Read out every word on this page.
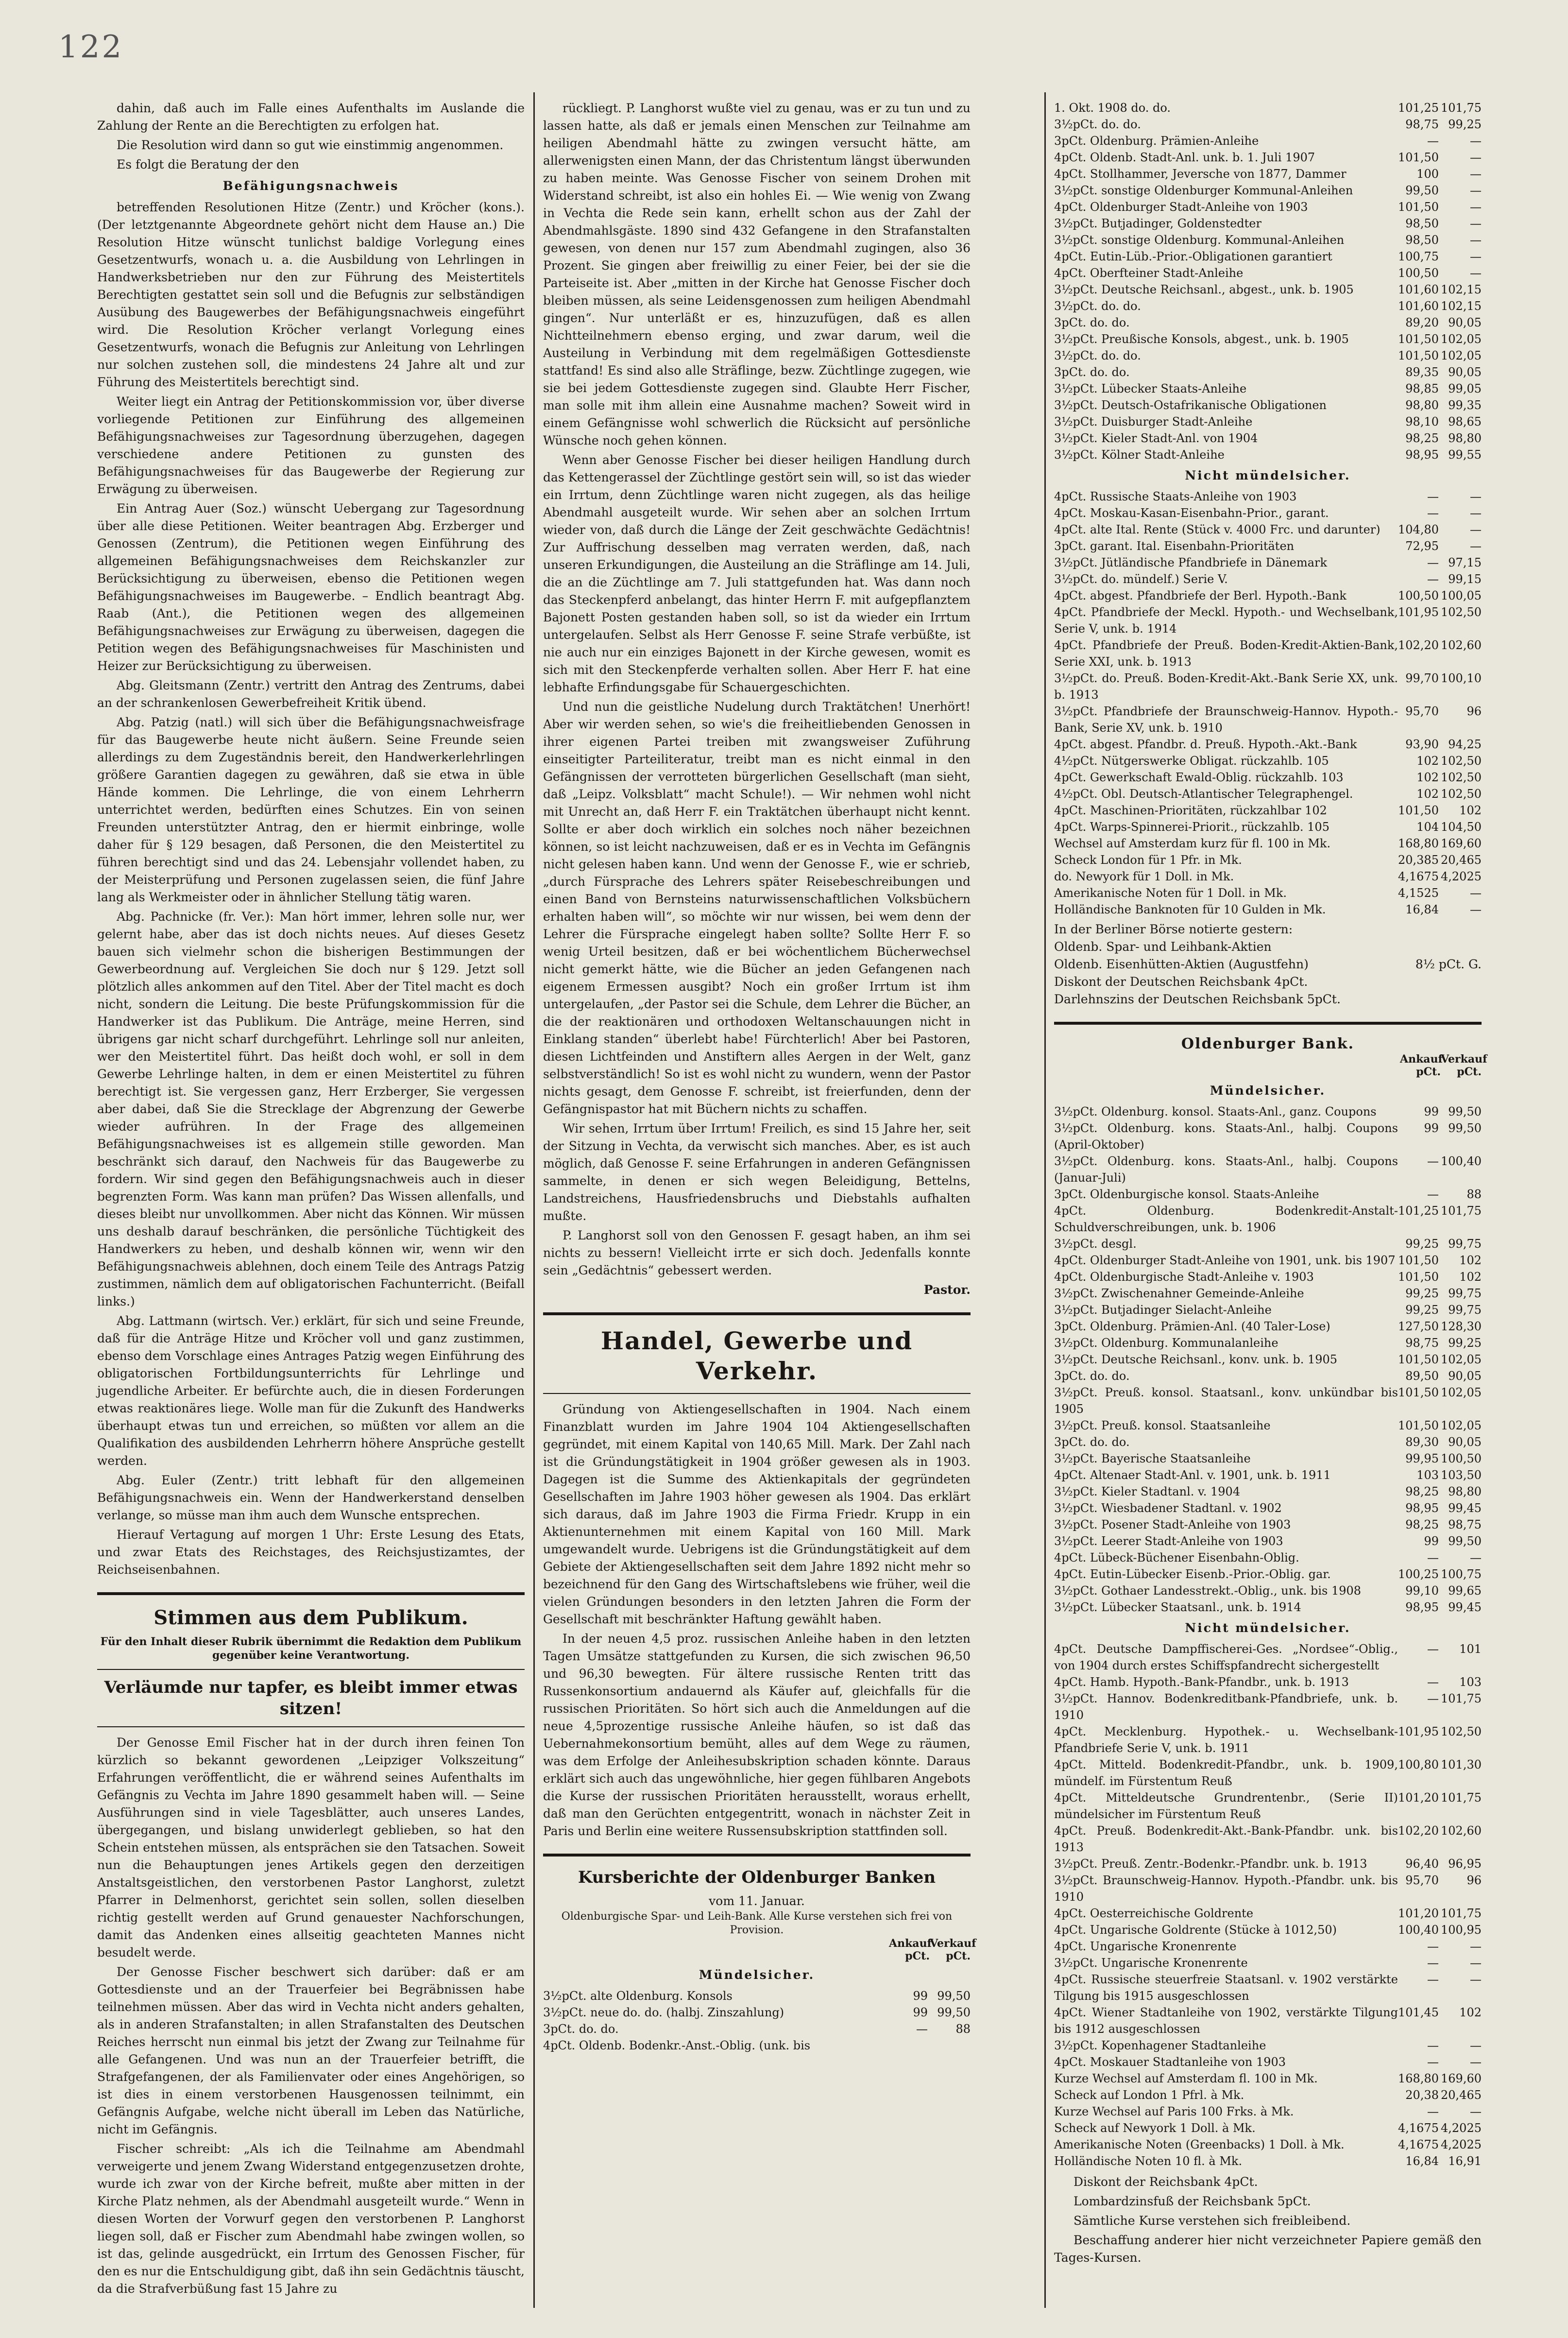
122

dahin, daß auch im Falle eines Aufenthalts im Auslande die Zahlung der Rente an die Berechtigten zu erfolgen hat.

Die Resolution wird dann so gut wie einstimmig angenommen.

Es folgt die Beratung der den

Befähigungsnachweis

betreffenden Resolutionen Hitze (Zentr.) und Kröcher (kons.). (Der letztgenannte Abgeordnete gehört nicht dem Hause an.) Die Resolution Hitze wünscht tunlichst baldige Vorlegung eines Gesetzentwurfs, wonach u. a. die Ausbildung von Lehrlingen in Handwerksbetrieben nur den zur Führung des Meistertitels Berechtigten gestattet sein soll und die Befugnis zur selbständigen Ausübung des Baugewerbes der Befähigungsnachweis eingeführt wird. Die Resolution Kröcher verlangt Vorlegung eines Gesetzentwurfs, wonach die Befugnis zur Anleitung von Lehrlingen nur solchen zustehen soll, die mindestens 24 Jahre alt und zur Führung des Meistertitels berechtigt sind.

Weiter liegt ein Antrag der Petitionskommission vor, über diverse vorliegende Petitionen zur Einführung des allgemeinen Befähigungsnachweises zur Tagesordnung überzugehen, dagegen verschiedene andere Petitionen zu gunsten des Befähigungsnachweises für das Baugewerbe der Regierung zur Erwägung zu überweisen.

Ein Antrag Auer (Soz.) wünscht Uebergang zur Tagesordnung über alle diese Petitionen. Weiter beantragen Abg. Erzberger und Genossen (Zentrum), die Petitionen wegen Einführung des allgemeinen Befähigungsnachweises dem Reichskanzler zur Berücksichtigung zu überweisen, ebenso die Petitionen wegen Befähigungsnachweises im Baugewerbe. – Endlich beantragt Abg. Raab (Ant.), die Petitionen wegen des allgemeinen Befähigungsnachweises zur Erwägung zu überweisen, dagegen die Petition wegen des Befähigungsnachweises für Maschinisten und Heizer zur Berücksichtigung zu überweisen.

Abg. Gleitsmann (Zentr.) vertritt den Antrag des Zentrums, dabei an der schrankenlosen Gewerbefreiheit Kritik übend.

Abg. Patzig (natl.) will sich über die Befähigungsnachweisfrage für das Baugewerbe heute nicht äußern. Seine Freunde seien allerdings zu dem Zugeständnis bereit, den Handwerkerlehrlingen größere Garantien dagegen zu gewähren, daß sie etwa in üble Hände kommen. Die Lehrlinge, die von einem Lehrherrn unterrichtet werden, bedürften eines Schutzes. Ein von seinen Freunden unterstützter Antrag, den er hiermit einbringe, wolle daher für § 129 besagen, daß Personen, die den Meistertitel zu führen berechtigt sind und das 24. Lebensjahr vollendet haben, zu der Meisterprüfung und Personen zugelassen seien, die fünf Jahre lang als Werkmeister oder in ähnlicher Stellung tätig waren.

Abg. Pachnicke (fr. Ver.): Man hört immer, lehren solle nur, wer gelernt habe, aber das ist doch nichts neues. Auf dieses Gesetz bauen sich vielmehr schon die bisherigen Bestimmungen der Gewerbeordnung auf. Vergleichen Sie doch nur § 129. Jetzt soll plötzlich alles ankommen auf den Titel. Aber der Titel macht es doch nicht, sondern die Leitung. Die beste Prüfungskommission für die Handwerker ist das Publikum. Die Anträge, meine Herren, sind übrigens gar nicht scharf durchgeführt. Lehrlinge soll nur anleiten, wer den Meistertitel führt. Das heißt doch wohl, er soll in dem Gewerbe Lehrlinge halten, in dem er einen Meistertitel zu führen berechtigt ist. Sie vergessen ganz, Herr Erzberger, Sie vergessen aber dabei, daß Sie die Strecklage der Abgrenzung der Gewerbe wieder aufrühren. In der Frage des allgemeinen Befähigungsnachweises ist es allgemein stille geworden. Man beschränkt sich darauf, den Nachweis für das Baugewerbe zu fordern. Wir sind gegen den Befähigungsnachweis auch in dieser begrenzten Form. Was kann man prüfen? Das Wissen allenfalls, und dieses bleibt nur unvollkommen. Aber nicht das Können. Wir müssen uns deshalb darauf beschränken, die persönliche Tüchtigkeit des Handwerkers zu heben, und deshalb können wir, wenn wir den Befähigungsnachweis ablehnen, doch einem Teile des Antrags Patzig zustimmen, nämlich dem auf obligatorischen Fachunterricht. (Beifall links.)

Abg. Lattmann (wirtsch. Ver.) erklärt, für sich und seine Freunde, daß für die Anträge Hitze und Kröcher voll und ganz zustimmen, ebenso dem Vorschlage eines Antrages Patzig wegen Einführung des obligatorischen Fortbildungsunterrichts für Lehrlinge und jugendliche Arbeiter. Er befürchte auch, die in diesen Forderungen etwas reaktionäres liege. Wolle man für die Zukunft des Handwerks überhaupt etwas tun und erreichen, so müßten vor allem an die Qualifikation des ausbildenden Lehrherrn höhere Ansprüche gestellt werden.

Abg. Euler (Zentr.) tritt lebhaft für den allgemeinen Befähigungsnachweis ein. Wenn der Handwerkerstand denselben verlange, so müsse man ihm auch dem Wunsche entsprechen.

Hierauf Vertagung auf morgen 1 Uhr: Erste Lesung des Etats, und zwar Etats des Reichstages, des Reichsjustizamtes, der Reichseisenbahnen.

Stimmen aus dem Publikum.
Für den Inhalt dieser Rubrik übernimmt die Redaktion dem Publikum gegenüber keine Verantwortung.
Verläumde nur tapfer, es bleibt immer etwas sitzen!

Der Genosse Emil Fischer hat in der durch ihren feinen Ton kürzlich so bekannt gewordenen „Leipziger Volkszeitung“ Erfahrungen veröffentlicht, die er während seines Aufenthalts im Gefängnis zu Vechta im Jahre 1890 gesammelt haben will. — Seine Ausführungen sind in viele Tagesblätter, auch unseres Landes, übergegangen, und bislang unwiderlegt geblieben, so hat den Schein entstehen müssen, als entsprächen sie den Tatsachen. Soweit nun die Behauptungen jenes Artikels gegen den derzeitigen Anstaltsgeistlichen, den verstorbenen Pastor Langhorst, zuletzt Pfarrer in Delmenhorst, gerichtet sein sollen, sollen dieselben richtig gestellt werden auf Grund genauester Nachforschungen, damit das Andenken eines allseitig geachteten Mannes nicht besudelt werde.

Der Genosse Fischer beschwert sich darüber: daß er am Gottesdienste und an der Trauerfeier bei Begräbnissen habe teilnehmen müssen. Aber das wird in Vechta nicht anders gehalten, als in anderen Strafanstalten; in allen Strafanstalten des Deutschen Reiches herrscht nun einmal bis jetzt der Zwang zur Teilnahme für alle Gefangenen. Und was nun an der Trauerfeier betrifft, die Strafgefangenen, der als Familienvater oder eines Angehörigen, so ist dies in einem verstorbenen Hausgenossen teilnimmt, ein Gefängnis Aufgabe, welche nicht überall im Leben das Natürliche, nicht im Gefängnis.

Fischer schreibt: „Als ich die Teilnahme am Abendmahl verweigerte und jenem Zwang Widerstand entgegenzusetzen drohte, wurde ich zwar von der Kirche befreit, mußte aber mitten in der Kirche Platz nehmen, als der Abendmahl ausgeteilt wurde.“ Wenn in diesen Worten der Vorwurf gegen den verstorbenen P. Langhorst liegen soll, daß er Fischer zum Abendmahl habe zwingen wollen, so ist das, gelinde ausgedrückt, ein Irrtum des Genossen Fischer, für den es nur die Entschuldigung gibt, daß ihn sein Gedächtnis täuscht, da die Strafverbüßung fast 15 Jahre zu

rückliegt. P. Langhorst wußte viel zu genau, was er zu tun und zu lassen hatte, als daß er jemals einen Menschen zur Teilnahme am heiligen Abendmahl hätte zu zwingen versucht hätte, am allerwenigsten einen Mann, der das Christentum längst überwunden zu haben meinte. Was Genosse Fischer von seinem Drohen mit Widerstand schreibt, ist also ein hohles Ei. — Wie wenig von Zwang in Vechta die Rede sein kann, erhellt schon aus der Zahl der Abendmahlsgäste. 1890 sind 432 Gefangene in den Strafanstalten gewesen, von denen nur 157 zum Abendmahl zugingen, also 36 Prozent. Sie gingen aber freiwillig zu einer Feier, bei der sie die Parteiseite ist. Aber „mitten in der Kirche hat Genosse Fischer doch bleiben müssen, als seine Leidensgenossen zum heiligen Abendmahl gingen“. Nur unterläßt er es, hinzuzufügen, daß es allen Nichtteilnehmern ebenso erging, und zwar darum, weil die Austeilung in Verbindung mit dem regelmäßigen Gottesdienste stattfand! Es sind also alle Sträflinge, bezw. Züchtlinge zugegen, wie sie bei jedem Gottesdienste zugegen sind. Glaubte Herr Fischer, man solle mit ihm allein eine Ausnahme machen? Soweit wird in einem Gefängnisse wohl schwerlich die Rücksicht auf persönliche Wünsche noch gehen können.

Wenn aber Genosse Fischer bei dieser heiligen Handlung durch das Kettengerassel der Züchtlinge gestört sein will, so ist das wieder ein Irrtum, denn Züchtlinge waren nicht zugegen, als das heilige Abendmahl ausgeteilt wurde. Wir sehen aber an solchen Irrtum wieder von, daß durch die Länge der Zeit geschwächte Gedächtnis! Zur Auffrischung desselben mag verraten werden, daß, nach unseren Erkundigungen, die Austeilung an die Sträflinge am 14. Juli, die an die Züchtlinge am 7. Juli stattgefunden hat. Was dann noch das Steckenpferd anbelangt, das hinter Herrn F. mit aufgepflanztem Bajonett Posten gestanden haben soll, so ist da wieder ein Irrtum untergelaufen. Selbst als Herr Genosse F. seine Strafe verbüßte, ist nie auch nur ein einziges Bajonett in der Kirche gewesen, womit es sich mit den Steckenpferde verhalten sollen. Aber Herr F. hat eine lebhafte Erfindungsgabe für Schauergeschichten.

Und nun die geistliche Nudelung durch Traktätchen! Unerhört! Aber wir werden sehen, so wie's die freiheitliebenden Genossen in ihrer eigenen Partei treiben mit zwangsweiser Zuführung einseitigter Parteiliteratur, treibt man es nicht einmal in den Gefängnissen der verrotteten bürgerlichen Gesellschaft (man sieht, daß „Leipz. Volksblatt“ macht Schule!). — Wir nehmen wohl nicht mit Unrecht an, daß Herr F. ein Traktätchen überhaupt nicht kennt. Sollte er aber doch wirklich ein solches noch näher bezeichnen können, so ist leicht nachzuweisen, daß er es in Vechta im Gefängnis nicht gelesen haben kann. Und wenn der Genosse F., wie er schrieb, „durch Fürsprache des Lehrers später Reisebeschreibungen und einen Band von Bernsteins naturwissenschaftlichen Volksbüchern erhalten haben will“, so möchte wir nur wissen, bei wem denn der Lehrer die Fürsprache eingelegt haben sollte? Sollte Herr F. so wenig Urteil besitzen, daß er bei wöchentlichem Bücherwechsel nicht gemerkt hätte, wie die Bücher an jeden Gefangenen nach eigenem Ermessen ausgibt? Noch ein großer Irrtum ist ihm untergelaufen, „der Pastor sei die Schule, dem Lehrer die Bücher, an die der reaktionären und orthodoxen Weltanschauungen nicht in Einklang standen“ überlebt habe! Fürchterlich! Aber bei Pastoren, diesen Lichtfeinden und Anstiftern alles Aergen in der Welt, ganz selbstverständlich! So ist es wohl nicht zu wundern, wenn der Pastor nichts gesagt, dem Genosse F. schreibt, ist freierfunden, denn der Gefängnispastor hat mit Büchern nichts zu schaffen.

Wir sehen, Irrtum über Irrtum! Freilich, es sind 15 Jahre her, seit der Sitzung in Vechta, da verwischt sich manches. Aber, es ist auch möglich, daß Genosse F. seine Erfahrungen in anderen Gefängnissen sammelte, in denen er sich wegen Beleidigung, Bettelns, Landstreichens, Hausfriedensbruchs und Diebstahls aufhalten mußte.

P. Langhorst soll von den Genossen F. gesagt haben, an ihm sei nichts zu bessern! Vielleicht irrte er sich doch. Jedenfalls konnte sein „Gedächtnis“ gebessert werden.

Pastor.
Handel, Gewerbe und Verkehr.

Gründung von Aktiengesellschaften in 1904. Nach einem Finanzblatt wurden im Jahre 1904 104 Aktiengesellschaften gegründet, mit einem Kapital von 140,65 Mill. Mark. Der Zahl nach ist die Gründungstätigkeit in 1904 größer gewesen als in 1903. Dagegen ist die Summe des Aktienkapitals der gegründeten Gesellschaften im Jahre 1903 höher gewesen als 1904. Das erklärt sich daraus, daß im Jahre 1903 die Firma Friedr. Krupp in ein Aktienunternehmen mit einem Kapital von 160 Mill. Mark umgewandelt wurde. Uebrigens ist die Gründungstätigkeit auf dem Gebiete der Aktiengesellschaften seit dem Jahre 1892 nicht mehr so bezeichnend für den Gang des Wirtschaftslebens wie früher, weil die vielen Gründungen besonders in den letzten Jahren die Form der Gesellschaft mit beschränkter Haftung gewählt haben.

In der neuen 4,5 proz. russischen Anleihe haben in den letzten Tagen Umsätze stattgefunden zu Kursen, die sich zwischen 96,50 und 96,30 bewegten. Für ältere russische Renten tritt das Russenkonsortium andauernd als Käufer auf, gleichfalls für die russischen Prioritäten. So hört sich auch die Anmeldungen auf die neue 4,5prozentige russische Anleihe häufen, so ist daß das Uebernahmekonsortium bemüht, alles auf dem Wege zu räumen, was dem Erfolge der Anleihesubskription schaden könnte. Daraus erklärt sich auch das ungewöhnliche, hier gegen fühlbaren Angebots die Kurse der russischen Prioritäten herausstellt, woraus erhellt, daß man den Gerüchten entgegentritt, wonach in nächster Zeit in Paris und Berlin eine weitere Russensubskription stattfinden soll.

Kursberichte der Oldenburger Banken
vom 11. Januar.
Oldenburgische Spar- und Leih-Bank. Alle Kurse verstehen sich frei von Provision.
Ankauf pCt.
Verkauf pCt.
Mündelsicher.
3½pCt. alte Oldenburg. Konsols	99	99,50
3½pCt. neue do. do. (halbj. Zinszahlung)	99	99,50
3pCt. do. do.	—	88
4pCt. Oldenb. Bodenkr.-Anst.-Oblig. (unk. bis		
1. Okt. 1908 do. do.	101,25	101,75
3½pCt. do. do.	98,75	99,25
3pCt. Oldenburg. Prämien-Anleihe	—	—
4pCt. Oldenb. Stadt-Anl. unk. b. 1. Juli 1907	101,50	—
4pCt. Stollhammer, Jeversche von 1877, Dammer	100	—
3½pCt. sonstige Oldenburger Kommunal-Anleihen	99,50	—
4pCt. Oldenburger Stadt-Anleihe von 1903	101,50	—
3½pCt. Butjadinger, Goldenstedter	98,50	—
3½pCt. sonstige Oldenburg. Kommunal-Anleihen	98,50	—
4pCt. Eutin-Lüb.-Prior.-Obligationen garantiert	100,75	—
4pCt. Oberfteiner Stadt-Anleihe	100,50	—
3½pCt. Deutsche Reichsanl., abgest., unk. b. 1905	101,60	102,15
3½pCt. do. do.	101,60	102,15
3pCt. do. do.	89,20	90,05
3½pCt. Preußische Konsols, abgest., unk. b. 1905	101,50	102,05
3½pCt. do. do.	101,50	102,05
3pCt. do. do.	89,35	90,05
3½pCt. Lübecker Staats-Anleihe	98,85	99,05
3½pCt. Deutsch-Ostafrikanische Obligationen	98,80	99,35
3½pCt. Duisburger Stadt-Anleihe	98,10	98,65
3½pCt. Kieler Stadt-Anl. von 1904	98,25	98,80
3½pCt. Kölner Stadt-Anleihe	98,95	99,55
Nicht mündelsicher.
4pCt. Russische Staats-Anleihe von 1903	—	—
4pCt. Moskau-Kasan-Eisenbahn-Prior., garant.	—	—
4pCt. alte Ital. Rente (Stück v. 4000 Frc. und darunter)	104,80	—
3pCt. garant. Ital. Eisenbahn-Prioritäten	72,95	—
3½pCt. Jütländische Pfandbriefe in Dänemark	—	97,15
3½pCt. do. mündelf.) Serie V.	—	99,15
4pCt. abgest. Pfandbriefe der Berl. Hypoth.-Bank	100,50	100,05
4pCt. Pfandbriefe der Meckl. Hypoth.- und Wechselbank, Serie V, unk. b. 1914	101,95	102,50
4pCt. Pfandbriefe der Preuß. Boden-Kredit-Aktien-Bank, Serie XXI, unk. b. 1913	102,20	102,60
3½pCt. do. Preuß. Boden-Kredit-Akt.-Bank Serie XX, unk. b. 1913	99,70	100,10
3½pCt. Pfandbriefe der Braunschweig-Hannov. Hypoth.-Bank, Serie XV, unk. b. 1910	95,70	96
4pCt. abgest. Pfandbr. d. Preuß. Hypoth.-Akt.-Bank	93,90	94,25
4½pCt. Nütgerswerke Obligat. rückzahlb. 105	102	102,50
4pCt. Gewerkschaft Ewald-Oblig. rückzahlb. 103	102	102,50
4½pCt. Obl. Deutsch-Atlantischer Telegraphengel.	102	102,50
4pCt. Maschinen-Prioritäten, rückzahlbar 102	101,50	102
4pCt. Warps-Spinnerei-Priorit., rückzahlb. 105	104	104,50
Wechsel auf Amsterdam kurz für fl. 100 in Mk.	168,80	169,60
Scheck London für 1 Pfr. in Mk.	20,385	20,465
do. Newyork für 1 Doll. in Mk.	4,1675	4,2025
Amerikanische Noten für 1 Doll. in Mk.	4,1525	—
Holländische Banknoten für 10 Gulden in Mk.	16,84	—
In der Berliner Börse notierte gestern:
Oldenb. Spar- und Leihbank-Aktien
Oldenb. Eisenhütten-Aktien (Augustfehn)	8½ pCt. G.
Diskont der Deutschen Reichsbank 4pCt.
Darlehnszins der Deutschen Reichsbank 5pCt.
Oldenburger Bank.
Ankauf pCt.
Verkauf pCt.
Mündelsicher.
3½pCt. Oldenburg. konsol. Staats-Anl., ganz. Coupons	99	99,50
3½pCt. Oldenburg. kons. Staats-Anl., halbj. Coupons (April-Oktober)	99	99,50
3½pCt. Oldenburg. kons. Staats-Anl., halbj. Coupons (Januar-Juli)	—	100,40
3pCt. Oldenburgische konsol. Staats-Anleihe	—	88
4pCt. Oldenburg. Bodenkredit-Anstalt-Schuldverschreibungen, unk. b. 1906	101,25	101,75
3½pCt. desgl.	99,25	99,75
4pCt. Oldenburger Stadt-Anleihe von 1901, unk. bis 1907	101,50	102
4pCt. Oldenburgische Stadt-Anleihe v. 1903	101,50	102
3½pCt. Zwischenahner Gemeinde-Anleihe	99,25	99,75
3½pCt. Butjadinger Sielacht-Anleihe	99,25	99,75
3pCt. Oldenburg. Prämien-Anl. (40 Taler-Lose)	127,50	128,30
3½pCt. Oldenburg. Kommunalanleihe	98,75	99,25
3½pCt. Deutsche Reichsanl., konv. unk. b. 1905	101,50	102,05
3pCt. do. do.	89,50	90,05
3½pCt. Preuß. konsol. Staatsanl., konv. unkündbar bis 1905	101,50	102,05
3½pCt. Preuß. konsol. Staatsanleihe	101,50	102,05
3pCt. do. do.	89,30	90,05
3½pCt. Bayerische Staatsanleihe	99,95	100,50
4pCt. Altenaer Stadt-Anl. v. 1901, unk. b. 1911	103	103,50
3½pCt. Kieler Stadtanl. v. 1904	98,25	98,80
3½pCt. Wiesbadener Stadtanl. v. 1902	98,95	99,45
3½pCt. Posener Stadt-Anleihe von 1903	98,25	98,75
3½pCt. Leerer Stadt-Anleihe von 1903	99	99,50
4pCt. Lübeck-Büchener Eisenbahn-Oblig.	—	—
4pCt. Eutin-Lübecker Eisenb.-Prior.-Oblig. gar.	100,25	100,75
3½pCt. Gothaer Landesstrekt.-Oblig., unk. bis 1908	99,10	99,65
3½pCt. Lübecker Staatsanl., unk. b. 1914	98,95	99,45
Nicht mündelsicher.
4pCt. Deutsche Dampffischerei-Ges. „Nordsee“-Oblig., von 1904 durch erstes Schiffspfandrecht sichergestellt	—	101
4pCt. Hamb. Hypoth.-Bank-Pfandbr., unk. b. 1913	—	103
3½pCt. Hannov. Bodenkreditbank-Pfandbriefe, unk. b. 1910	—	101,75
4pCt. Mecklenburg. Hypothek.- u. Wechselbank-Pfandbriefe Serie V, unk. b. 1911	101,95	102,50
4pCt. Mitteld. Bodenkredit-Pfandbr., unk. b. 1909, mündelf. im Fürstentum Reuß	100,80	101,30
4pCt. Mitteldeutsche Grundrentenbr., (Serie II) mündelsicher im Fürstentum Reuß	101,20	101,75
4pCt. Preuß. Bodenkredit-Akt.-Bank-Pfandbr. unk. bis 1913	102,20	102,60
3½pCt. Preuß. Zentr.-Bodenkr.-Pfandbr. unk. b. 1913	96,40	96,95
3½pCt. Braunschweig-Hannov. Hypoth.-Pfandbr. unk. bis 1910	95,70	96
4pCt. Oesterreichische Goldrente	101,20	101,75
4pCt. Ungarische Goldrente (Stücke à 1012,50)	100,40	100,95
4pCt. Ungarische Kronenrente	—	—
3½pCt. Ungarische Kronenrente	—	—
4pCt. Russische steuerfreie Staatsanl. v. 1902 verstärkte Tilgung bis 1915 ausgeschlossen	—	—
4pCt. Wiener Stadtanleihe von 1902, verstärkte Tilgung bis 1912 ausgeschlossen	101,45	102
3½pCt. Kopenhagener Stadtanleihe	—	—
4pCt. Moskauer Stadtanleihe von 1903	—	—
Kurze Wechsel auf Amsterdam fl. 100 in Mk.	168,80	169,60
Scheck auf London 1 Pfrl. à Mk.	20,38	20,465
Kurze Wechsel auf Paris 100 Frks. à Mk.	—	—
Scheck auf Newyork 1 Doll. à Mk.	4,1675	4,2025
Amerikanische Noten (Greenbacks) 1 Doll. à Mk.	4,1675	4,2025
Holländische Noten 10 fl. à Mk.	16,84	16,91

Diskont der Reichsbank 4pCt.

Lombardzinsfuß der Reichsbank 5pCt.

Sämtliche Kurse verstehen sich freibleibend.

Beschaffung anderer hier nicht verzeichneter Papiere gemäß den Tages-Kursen.
